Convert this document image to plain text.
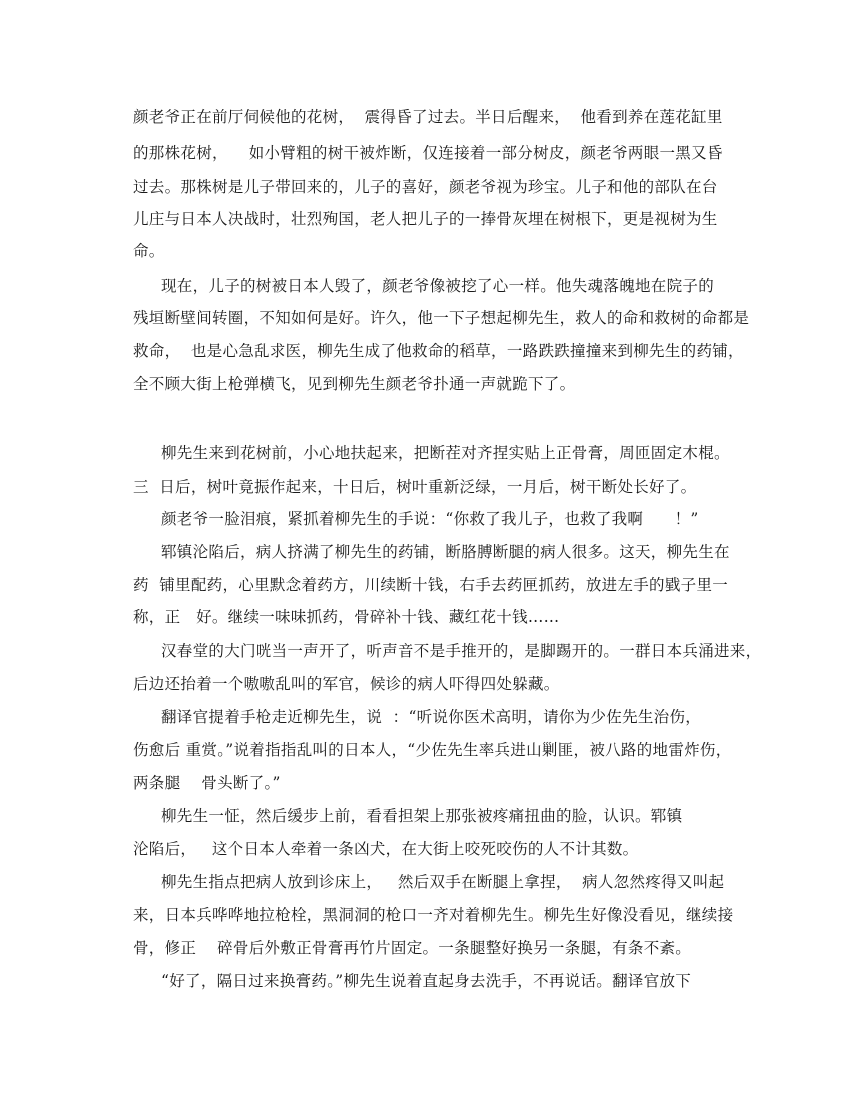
颜老爷正在前厅伺候他的花树，  震得昏了过去。半日后醒来，  他看到养在莲花缸里
的那株花树，    如小臂粗的树干被炸断，仅连接着一部分树皮，颜老爷两眼一黑又昏
过去。那株树是儿子带回来的，儿子的喜好，颜老爷视为珍宝。儿子和他的部队在台
儿庄与日本人决战时，壮烈殉国，老人把儿子的一捧骨灰埋在树根下，更是视树为生
命。
现在，儿子的树被日本人毁了，颜老爷像被挖了心一样。他失魂落魄地在院子的
残垣断壁间转圈，不知如何是好。许久，他一下子想起柳先生，救人的命和救树的命都是
救命，  也是心急乱求医，柳先生成了他救命的稻草，一路跌跌撞撞来到柳先生的药铺，
全不顾大街上枪弹横飞，见到柳先生颜老爷扑通一声就跪下了。
柳先生来到花树前，小心地扶起来，把断茬对齐捏实贴上正骨膏，周匝固定木棍。
三  日后，树叶竟振作起来，十日后，树叶重新泛绿，一月后，树干断处长好了。
颜老爷一脸泪痕，紧抓着柳先生的手说：“你救了我儿子，也救了我啊      ！”
郓镇沦陷后，病人挤满了柳先生的药铺，断胳膊断腿的病人很多。这天，柳先生在
药  铺里配药，心里默念着药方，川续断十钱，右手去药匣抓药，放进左手的戥子里一
称，正   好。继续一味味抓药，骨碎补十钱、藏红花十钱……
汉春堂的大门咣当一声开了，听声音不是手推开的，是脚踢开的。一群日本兵涌进来，
后边还抬着一个嗷嗷乱叫的军官，候诊的病人吓得四处躲藏。
翻译官提着手枪走近柳先生，说  ：“听说你医术高明，请你为少佐先生治伤，
伤愈后 重赏。”说着指指乱叫的日本人，“少佐先生率兵进山剿匪，被八路的地雷炸伤，
两条腿    骨头断了。”
柳先生一怔，然后缓步上前，看看担架上那张被疼痛扭曲的脸，认识。郓镇
沦陷后，   这个日本人牵着一条凶犬，在大街上咬死咬伤的人不计其数。
柳先生指点把病人放到诊床上，   然后双手在断腿上拿捏，  病人忽然疼得又叫起
来，日本兵哗哗地拉枪栓，黑洞洞的枪口一齐对着柳先生。柳先生好像没看见，继续接
骨，修正    碎骨后外敷正骨膏再竹片固定。一条腿整好换另一条腿，有条不紊。
“好了，隔日过来换膏药。”柳先生说着直起身去洗手，不再说话。翻译官放下
